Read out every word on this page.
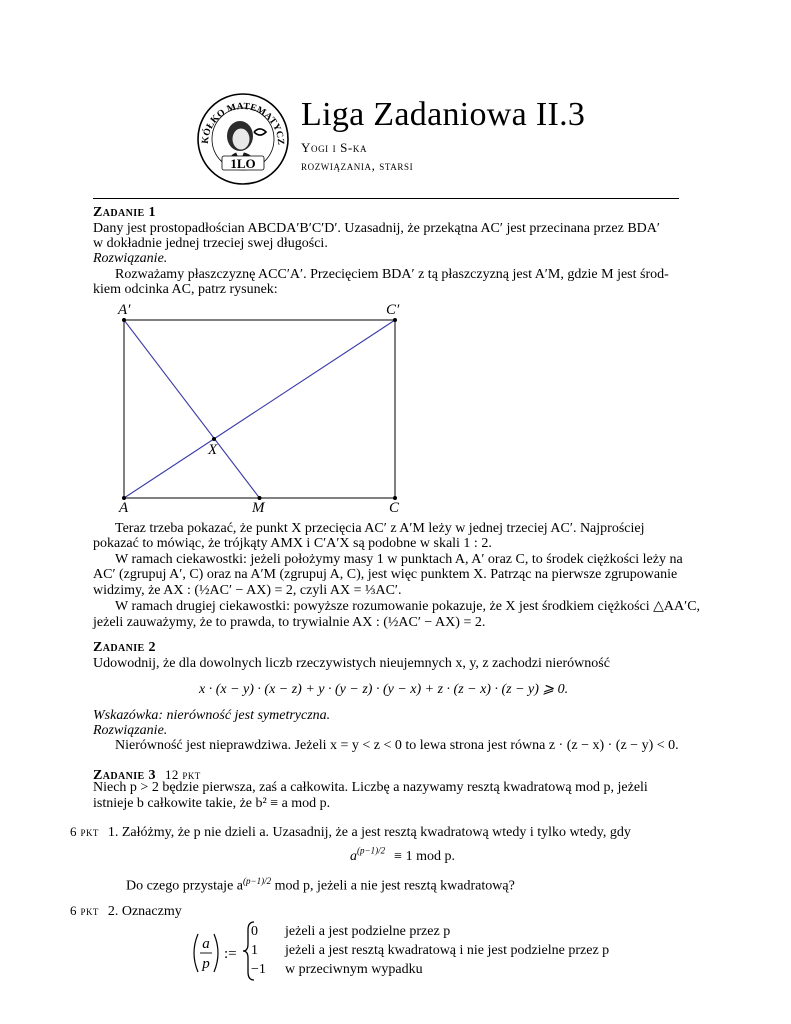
KÓŁKO MATEMATYCZ
1LO
Liga Zadaniowa II.3
Yogi i S-ka
rozwiązania, starsi
Zadanie 1
Dany jest prostopadłościan ABCDA′B′C′D′. Uzasadnij, że przekątna AC′ jest przecinana przez BDA′
w dokładnie jednej trzeciej swej długości.
Rozwiązanie.
Rozważamy płaszczyznę ACC′A′. Przecięciem BDA′ z tą płaszczyzną jest A′M, gdzie M jest środ-
kiem odcinka AC, patrz rysunek:
A′	C′
X
A	M	C
Teraz trzeba pokazać, że punkt X przecięcia AC′ z A′M leży w jednej trzeciej AC′. Najprościej
pokazać to mówiąc, że trójkąty AMX i C′A′X są podobne w skali 1 : 2.
W ramach ciekawostki: jeżeli położymy masy 1 w punktach A, A′ oraz C, to środek ciężkości leży na
AC′ (zgrupuj A′, C) oraz na A′M (zgrupuj A, C), jest więc punktem X. Patrząc na pierwsze zgrupowanie
widzimy, że AX : (½AC′ − AX) = 2, czyli AX = ⅓AC′.
W ramach drugiej ciekawostki: powyższe rozumowanie pokazuje, że X jest środkiem ciężkości △AA′C,
jeżeli zauważymy, że to prawda, to trywialnie AX : (½AC′ − AX) = 2.
Zadanie 2
Udowodnij, że dla dowolnych liczb rzeczywistych nieujemnych x, y, z zachodzi nierówność
x · (x − y) · (x − z) + y · (y − z) · (y − x) + z · (z − x) · (z − y) ⩾ 0.
Wskazówka: nierówność jest symetryczna.
Rozwiązanie.
Nierówność jest nieprawdziwa. Jeżeli x = y < z < 0 to lewa strona jest równa z · (z − x) · (z − y) < 0.
Zadanie 3 12 pkt
Niech p > 2 będzie pierwsza, zaś a całkowita. Liczbę a nazywamy resztą kwadratową mod p, jeżeli
istnieje b całkowite takie, że b² ≡ a mod p.
6 pkt 1. Załóżmy, że p nie dzieli a. Uzasadnij, że a jest resztą kwadratową wtedy i tylko wtedy, gdy
$a^{(p-1)/2} \equiv 1$ mod p.
Do czego przystaje $a^{(p-1)/2}$ mod p, jeżeli a nie jest resztą kwadratową?
6 pkt 2. Oznaczmy
a
p
:=
0 jeżeli a jest podzielne przez p
1 jeżeli a jest resztą kwadratową i nie jest podzielne przez p
−1 w przeciwnym wypadku
